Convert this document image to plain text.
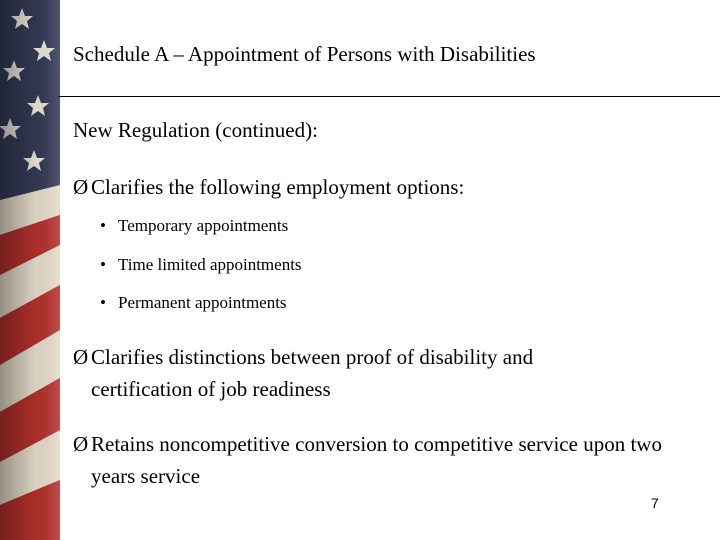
Schedule A – Appointment of Persons with Disabilities
New Regulation (continued):
Ø Clarifies the following employment options:
• Temporary appointments
• Time limited appointments
• Permanent appointments
Ø Clarifies distinctions between proof of disability and certification of job readiness
Ø Retains noncompetitive conversion to competitive service upon two years service
7
